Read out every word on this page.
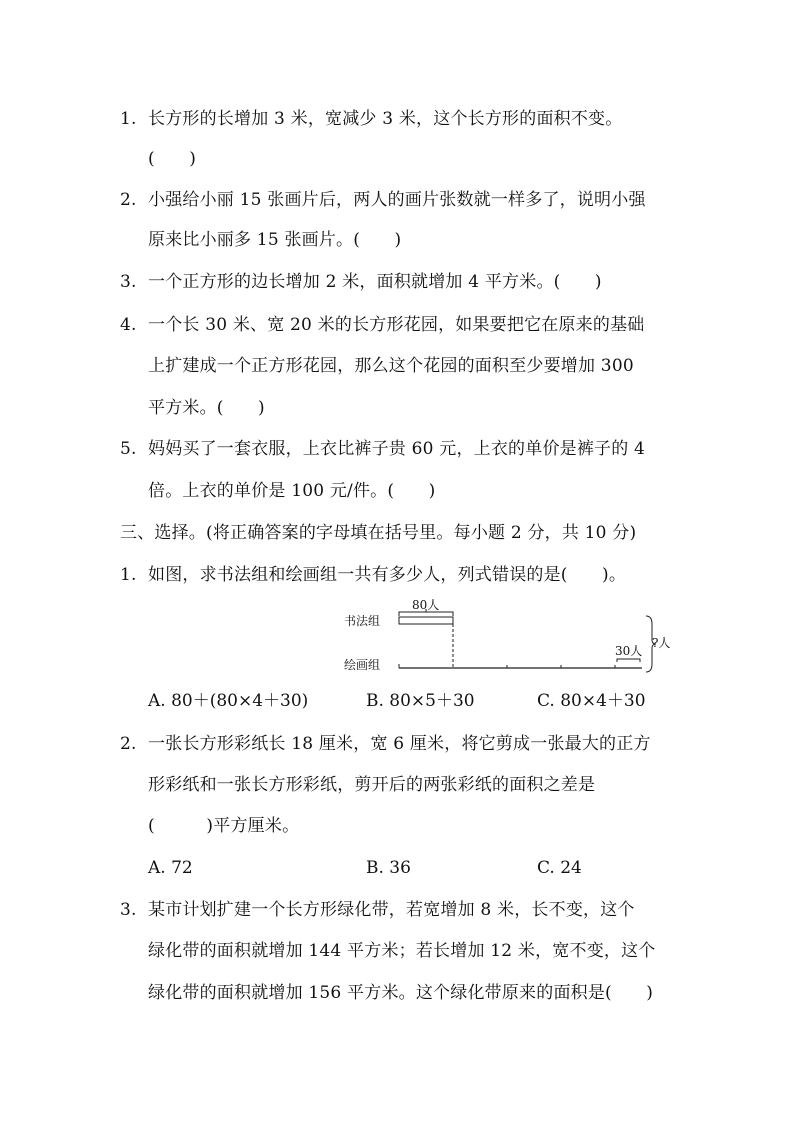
1. 长方形的长增加 3 米，宽减少 3 米，这个长方形的面积不变。
(　　)
2. 小强给小丽 15 张画片后，两人的画片张数就一样多了，说明小强
原来比小丽多 15 张画片。(　　)
3. 一个正方形的边长增加 2 米，面积就增加 4 平方米。(　　)
4. 一个长 30 米、宽 20 米的长方形花园，如果要把它在原来的基础
上扩建成一个正方形花园，那么这个花园的面积至少要增加 300
平方米。(　　)
5. 妈妈买了一套衣服，上衣比裤子贵 60 元，上衣的单价是裤子的 4
倍。上衣的单价是 100 元/件。(　　)
三、选择。(将正确答案的字母填在括号里。每小题 2 分，共 10 分)
1. 如图，求书法组和绘画组一共有多少人，列式错误的是(　　)。
书法组
80人
绘画组
30人
?人
A. 80＋(80×4＋30)	B. 80×5＋30	C. 80×4＋30
2. 一张长方形彩纸长 18 厘米，宽 6 厘米，将它剪成一张最大的正方
形彩纸和一张长方形彩纸，剪开后的两张彩纸的面积之差是
(　　　)平方厘米。
A. 72	B. 36	C. 24
3. 某市计划扩建一个长方形绿化带，若宽增加 8 米，长不变，这个
绿化带的面积就增加 144 平方米；若长增加 12 米，宽不变，这个
绿化带的面积就增加 156 平方米。这个绿化带原来的面积是(　　)
